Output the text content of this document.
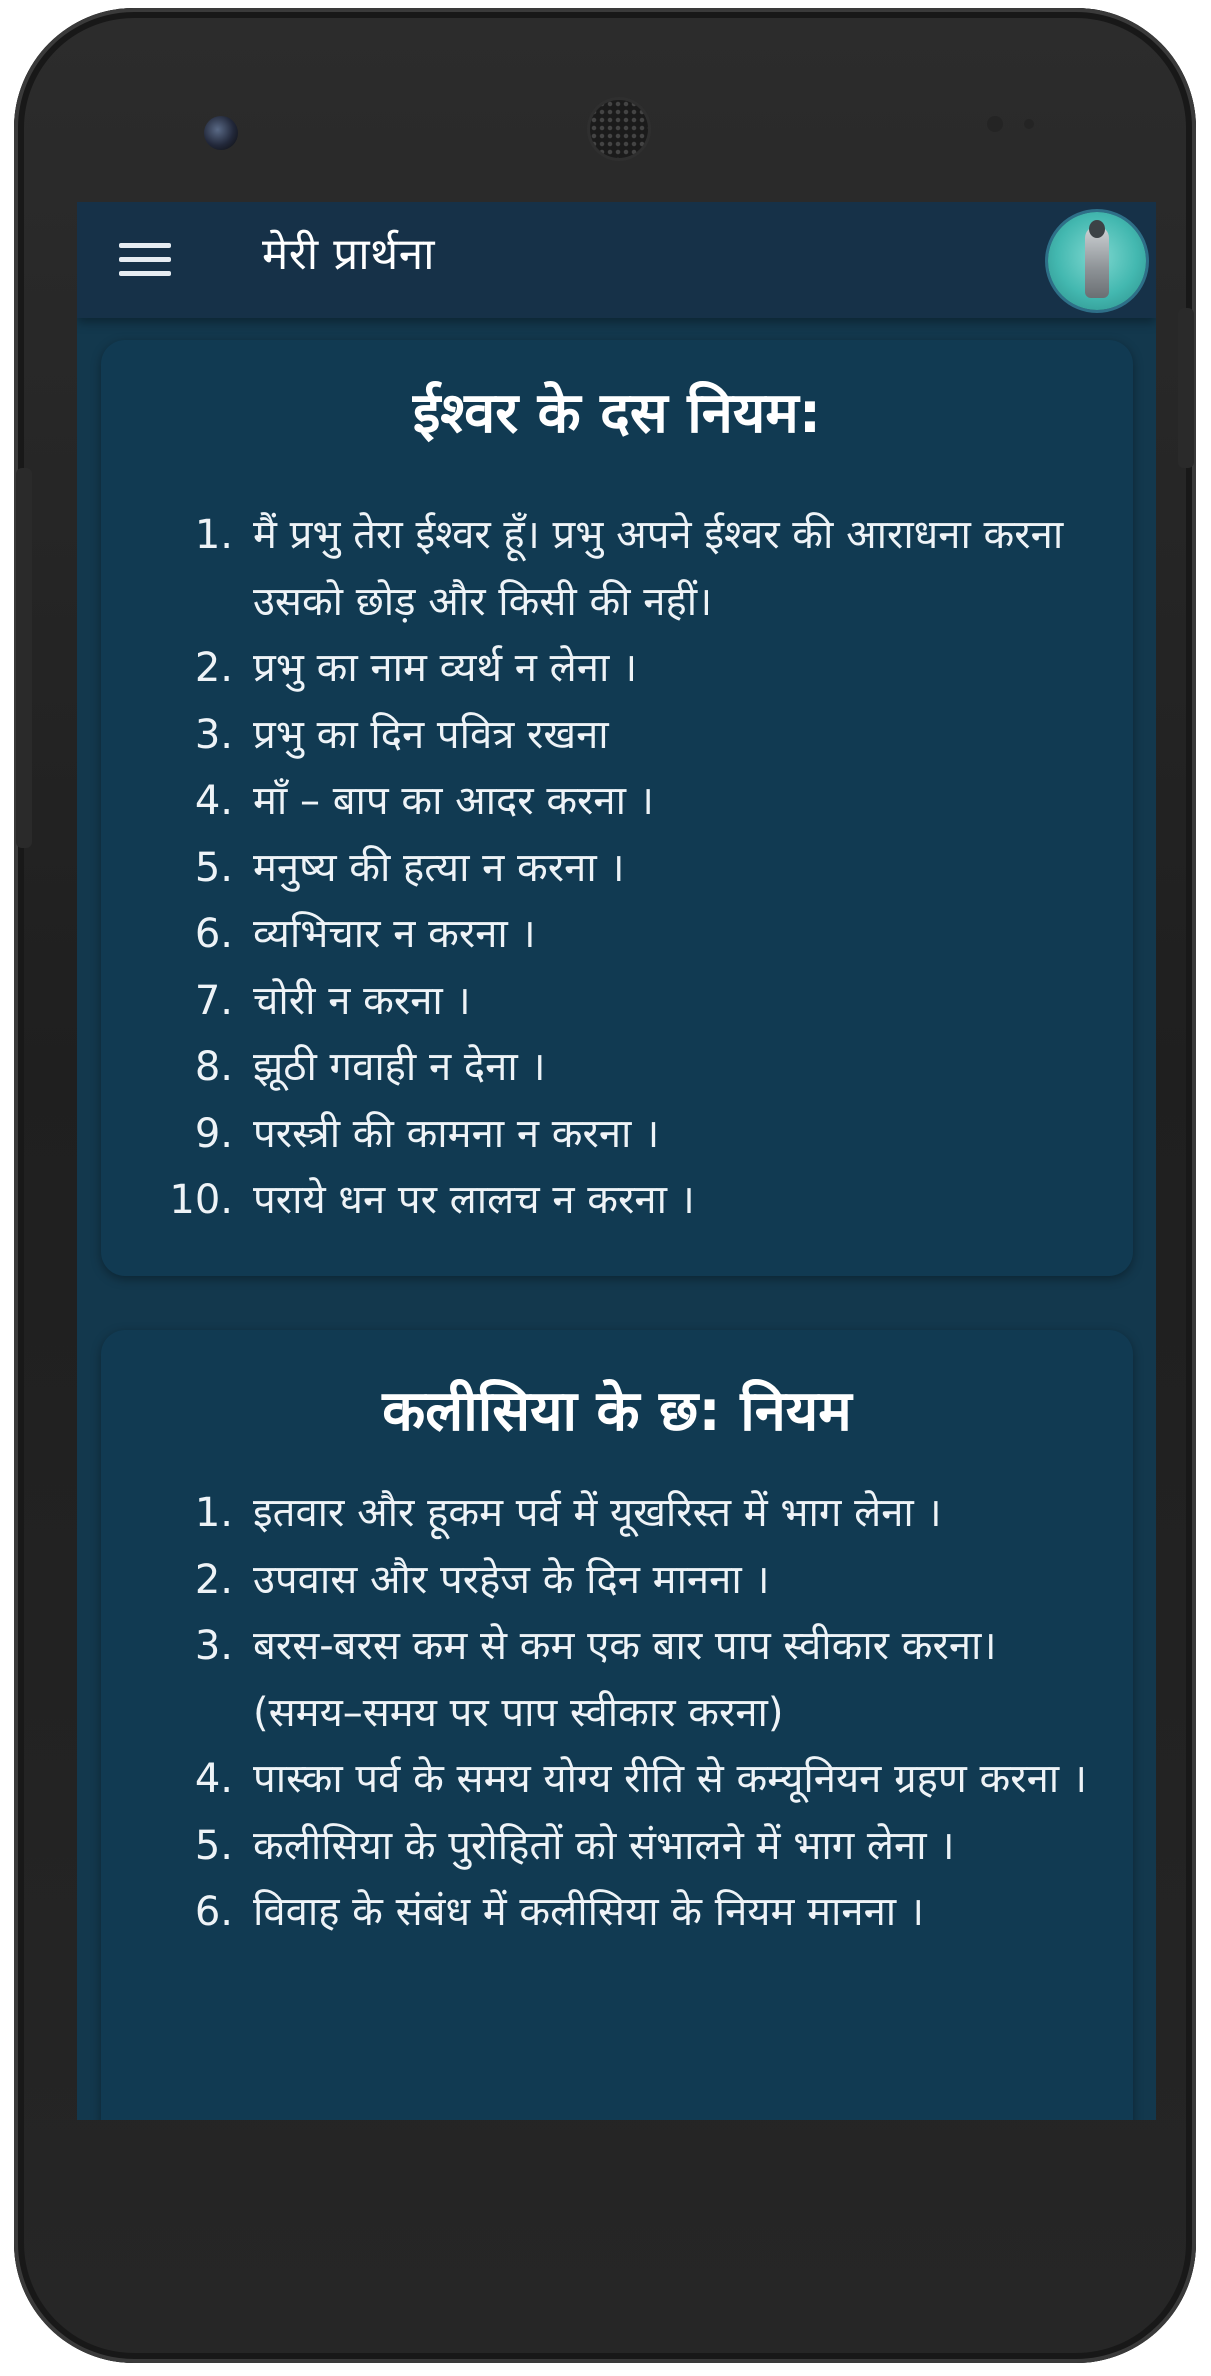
मेरी प्रार्थना
ईश्वर के दस नियम:
1. मैं प्रभु तेरा ईश्वर हूँ। प्रभु अपने ईश्वर की आराधना करना उसको छोड़ और किसी की नहीं।
2. प्रभु का नाम व्यर्थ न लेना ।
3. प्रभु का दिन पवित्र रखना
4. माँ – बाप का आदर करना ।
5. मनुष्य की हत्या न करना ।
6. व्यभिचार न करना ।
7. चोरी न करना ।
8. झूठी गवाही न देना ।
9. परस्त्री की कामना न करना ।
10. पराये धन पर लालच न करना ।
कलीसिया के छ: नियम
1. इतवार और हूकम पर्व में यूखरिस्त में भाग लेना ।
2. उपवास और परहेज के दिन मानना ।
3. बरस-बरस कम से कम एक बार पाप स्वीकार करना। (समय–समय पर पाप स्वीकार करना)
4. पास्का पर्व के समय योग्य रीति से कम्यूनियन ग्रहण करना ।
5. कलीसिया के पुरोहितों को संभालने में भाग लेना ।
6. विवाह के संबंध में कलीसिया के नियम मानना ।
